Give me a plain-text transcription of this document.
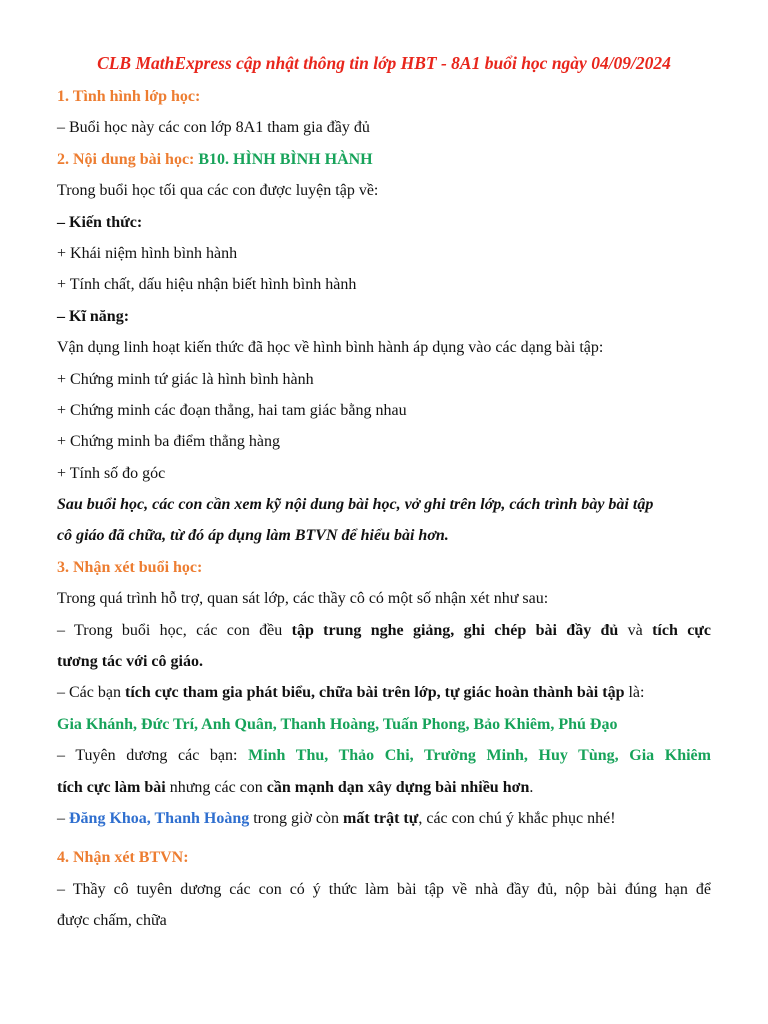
CLB MathExpress cập nhật thông tin lớp HBT - 8A1 buổi học ngày 04/09/2024
1. Tình hình lớp học:
– Buổi học này các con lớp 8A1 tham gia đầy đủ
2. Nội dung bài học: B10. HÌNH BÌNH HÀNH
Trong buổi học tối qua các con được luyện tập về:
– Kiến thức:
+ Khái niệm hình bình hành
+ Tính chất, dấu hiệu nhận biết hình bình hành
– Kĩ năng:
Vận dụng linh hoạt kiến thức đã học về hình bình hành áp dụng vào các dạng bài tập:
+ Chứng minh tứ giác là hình bình hành
+ Chứng minh các đoạn thẳng, hai tam giác bằng nhau
+ Chứng minh ba điểm thẳng hàng
+ Tính số đo góc
Sau buổi học, các con cần xem kỹ nội dung bài học, vở ghi trên lớp, cách trình bày bài tập
cô giáo đã chữa, từ đó áp dụng làm BTVN để hiểu bài hơn.
3. Nhận xét buổi học:
Trong quá trình hỗ trợ, quan sát lớp, các thầy cô có một số nhận xét như sau:
– Trong buổi học, các con đều tập trung nghe giảng, ghi chép bài đầy đủ và tích cực
tương tác với cô giáo.
– Các bạn tích cực tham gia phát biểu, chữa bài trên lớp, tự giác hoàn thành bài tập là:
Gia Khánh, Đức Trí, Anh Quân, Thanh Hoàng, Tuấn Phong, Bảo Khiêm, Phú Đạo
– Tuyên dương các bạn: Minh Thu, Thảo Chi, Trường Minh, Huy Tùng, Gia Khiêm
tích cực làm bài nhưng các con cần mạnh dạn xây dựng bài nhiều hơn.
– Đăng Khoa, Thanh Hoàng trong giờ còn mất trật tự, các con chú ý khắc phục nhé!
4. Nhận xét BTVN:
– Thầy cô tuyên dương các con có ý thức làm bài tập về nhà đầy đủ, nộp bài đúng hạn để
được chấm, chữa
